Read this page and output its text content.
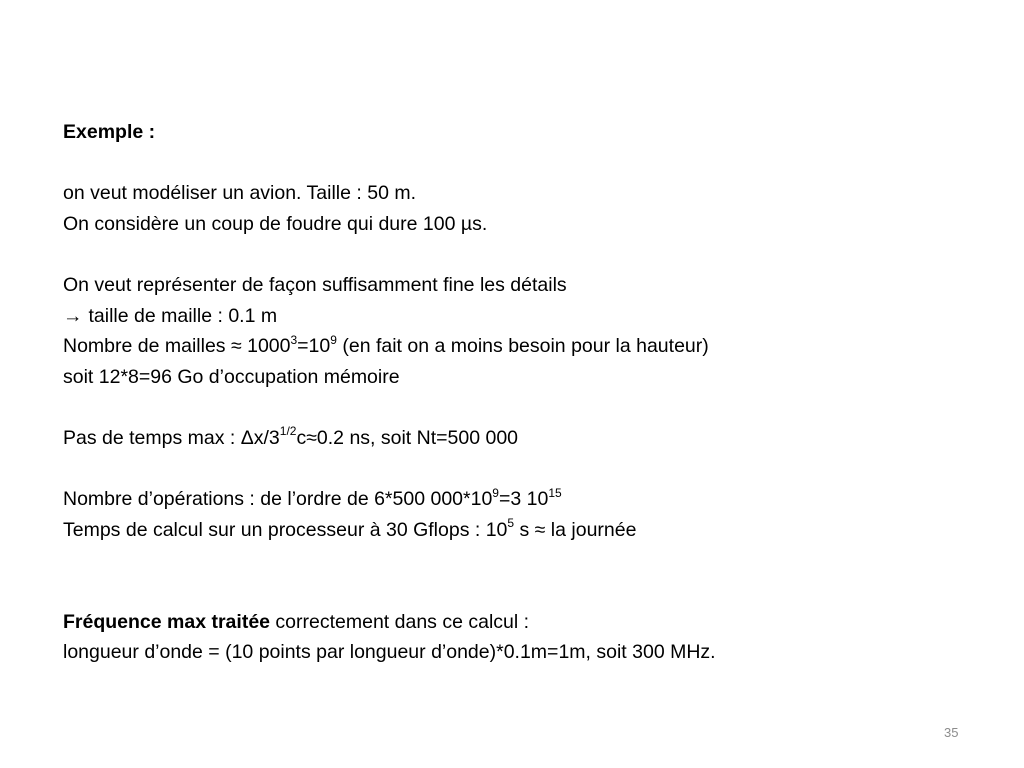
Exemple :
on veut modéliser un avion. Taille : 50 m.
On considère un coup de foudre qui dure 100 µs.
On veut représenter de façon suffisamment fine les détails
→ taille de maille : 0.1 m
Nombre de mailles ≈ $1000^3=10^9$ (en fait on a moins besoin pour la hauteur)
soit 12*8=96 Go d’occupation mémoire
Pas de temps max : $\Delta x/3^{1/2}c\approx 0.2$ ns, soit Nt=500 000
Nombre d’opérations : de l’ordre de 6*500 $000*10^9=3$ $10^{15}$
Temps de calcul sur un processeur à 30 Gflops : $10^5$ s ≈ la journée
Fréquence max traitée correctement dans ce calcul :
longueur d’onde = (10 points par longueur d’onde)*0.1m=1m, soit 300 MHz.
35
